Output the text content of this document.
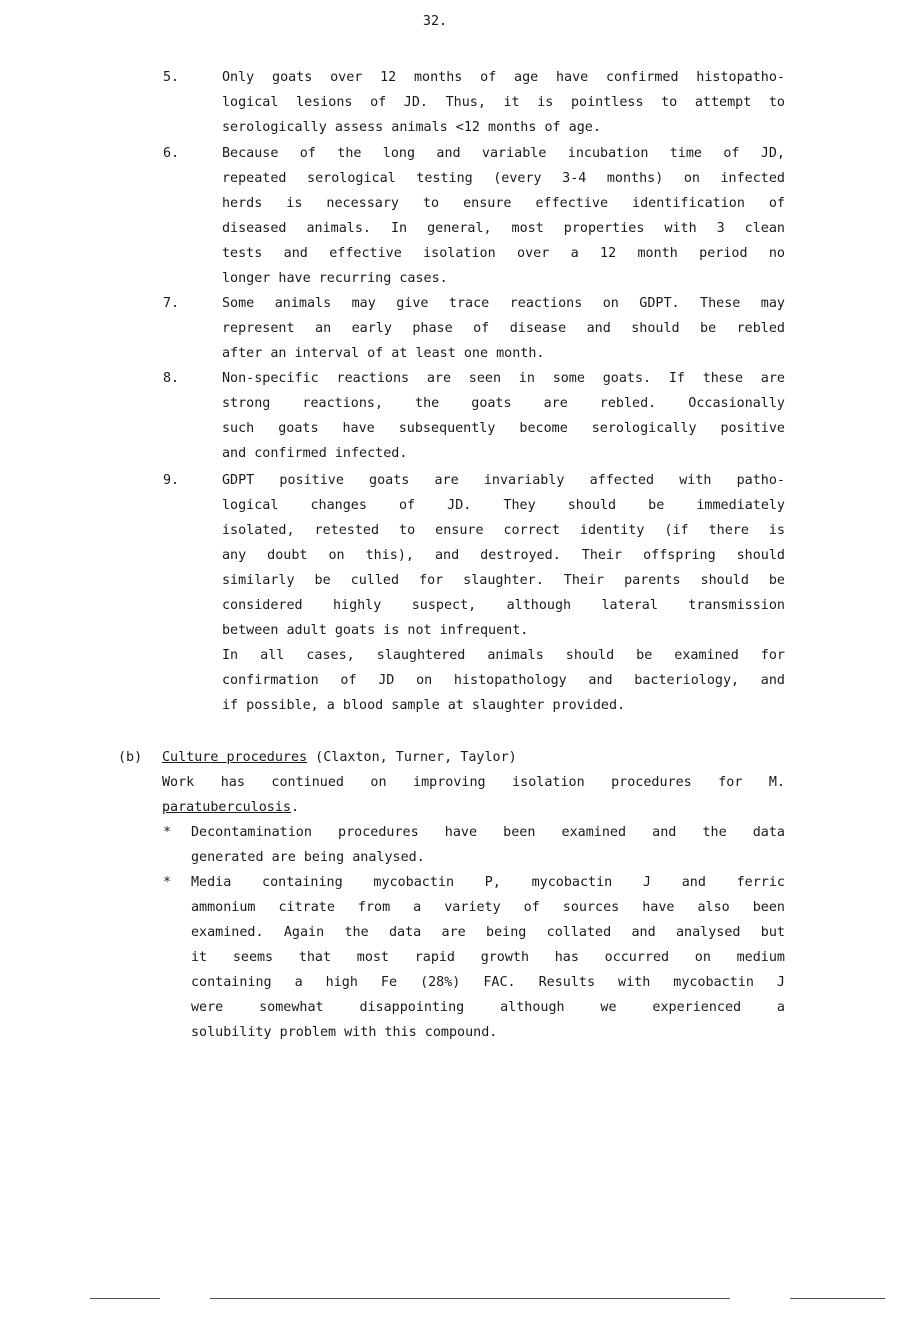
32.
5.	Only goats over 12 months of age have confirmed histopatho-
logical lesions of JD. Thus, it is pointless to attempt to
serologically assess animals <12 months of age.
6.	Because of the long and variable incubation time of JD,
repeated serological testing (every 3-4 months) on infected
herds is necessary to ensure effective identification of
diseased animals. In general, most properties with 3 clean
tests and effective isolation over a 12 month period no
longer have recurring cases.
7.	Some animals may give trace reactions on GDPT. These may
represent an early phase of disease and should be rebled
after an interval of at least one month.
8.	Non-specific reactions are seen in some goats. If these are
strong reactions, the goats are rebled. Occasionally
such goats have subsequently become serologically positive
and confirmed infected.
9.	GDPT positive goats are invariably affected with patho-
logical changes of JD. They should be immediately
isolated, retested to ensure correct identity (if there is
any doubt on this), and destroyed. Their offspring should
similarly be culled for slaughter. Their parents should be
considered highly suspect, although lateral transmission
between adult goats is not infrequent.
In all cases, slaughtered animals should be examined for
confirmation of JD on histopathology and bacteriology, and
if possible, a blood sample at slaughter provided.
(b) Culture procedures (Claxton, Turner, Taylor)
Work has continued on improving isolation procedures for M.
paratuberculosis.
* Decontamination procedures have been examined and the data
generated are being analysed.
* Media containing mycobactin P, mycobactin J and ferric
ammonium citrate from a variety of sources have also been
examined. Again the data are being collated and analysed but
it seems that most rapid growth has occurred on medium
containing a high Fe (28%) FAC. Results with mycobactin J
were somewhat disappointing although we experienced a
solubility problem with this compound.
